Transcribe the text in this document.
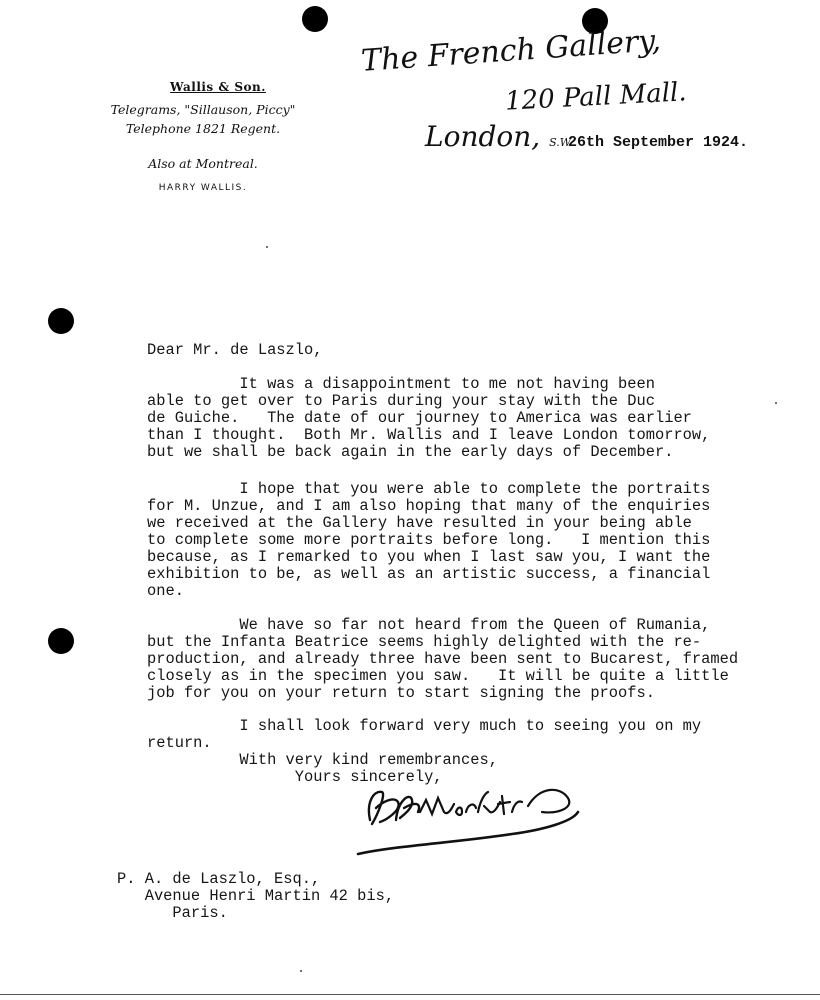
Wallis & Son.
Telegrams, "Sillauson, Piccy"
Telephone 1821 Regent.
Also at Montreal.
HARRY WALLIS.
The French Gallery,
120 Pall Mall.
London, S.W.
26th September 1924.
Dear Mr. de Laszlo,
It was a disappointment to me not having been
able to get over to Paris during your stay with the Duc
de Guiche.   The date of our journey to America was earlier
than I thought.  Both Mr. Wallis and I leave London tomorrow,
but we shall be back again in the early days of December.
I hope that you were able to complete the portraits
for M. Unzue, and I am also hoping that many of the enquiries
we received at the Gallery have resulted in your being able
to complete some more portraits before long.   I mention this
because, as I remarked to you when I last saw you, I want the
exhibition to be, as well as an artistic success, a financial
one.
We have so far not heard from the Queen of Rumania,
but the Infanta Beatrice seems highly delighted with the re-
production, and already three have been sent to Bucarest, framed
closely as in the specimen you saw.   It will be quite a little
job for you on your return to start signing the proofs.
I shall look forward very much to seeing you on my
return.
With very kind remembrances,
Yours sincerely,
P. A. de Laszlo, Esq.,
Avenue Henri Martin 42 bis,
Paris.
